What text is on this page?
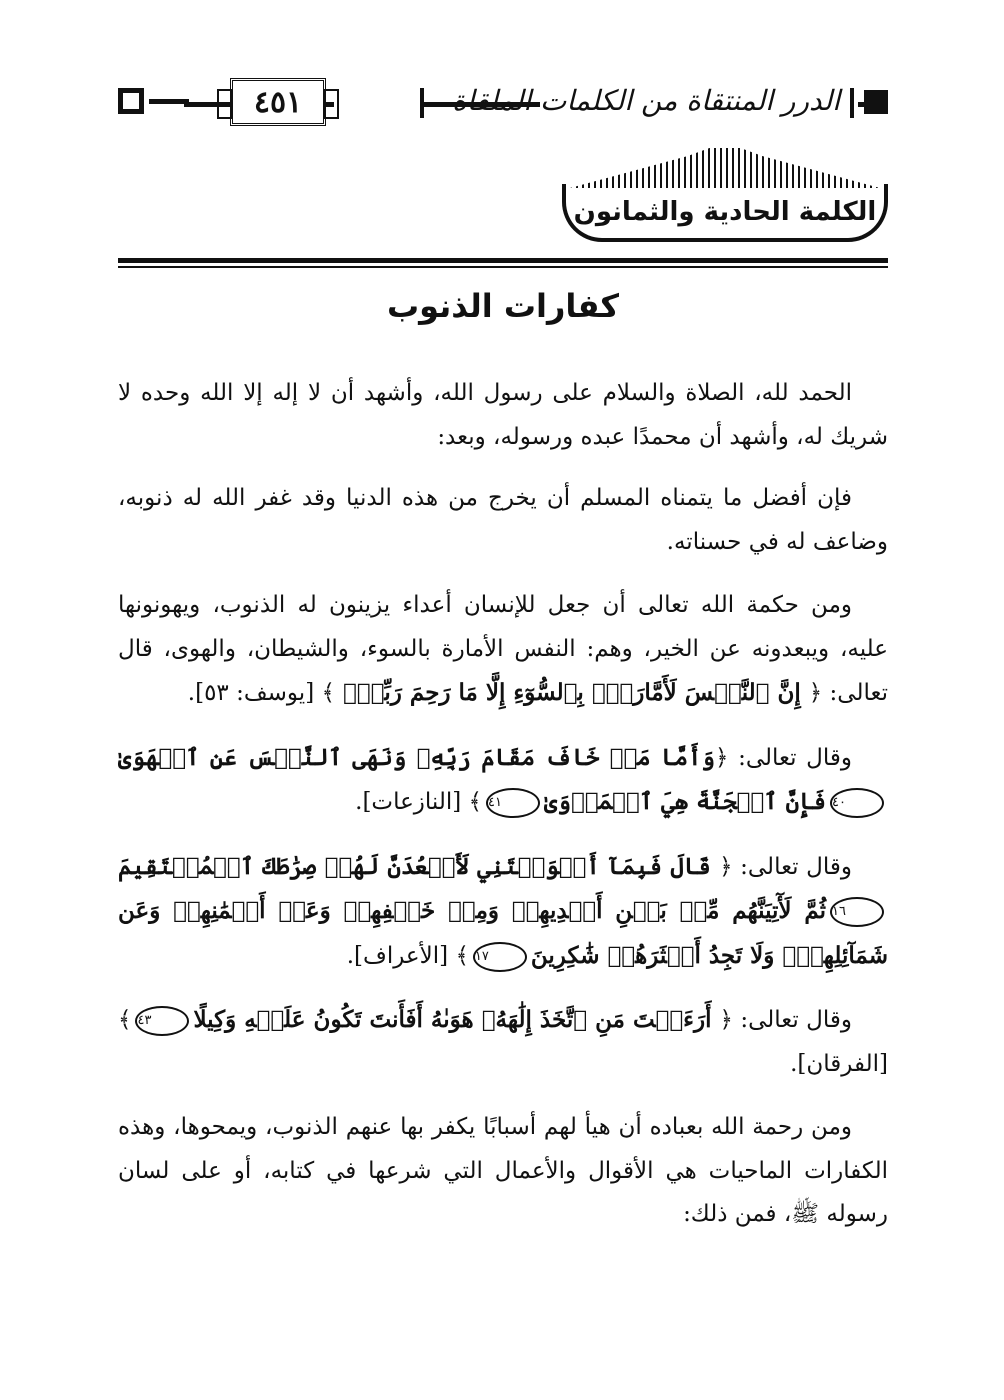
٤٥١	الدرر المنتقاة من الكلمات الملقاة
الكلمة الحادية والثمانون
كفارات الذنوب

الحمد لله، الصلاة والسلام على رسول الله، وأشهد أن لا إله إلا الله وحده لا شريك له، وأشهد أن محمدًا عبده ورسوله، وبعد:

فإن أفضل ما يتمناه المسلم أن يخرج من هذه الدنيا وقد غفر الله له ذنوبه، وضاعف له في حسناته.

ومن حكمة الله تعالى أن جعل للإنسان أعداء يزينون له الذنوب، ويهونونها عليه، ويبعدونه عن الخير، وهم: النفس الأمارة بالسوء، والشيطان، والهوى، قال تعالى: ﴿ إِنَّ ٱلنَّفۡسَ لَأَمَّارَةُۢ بِٱلسُّوٓءِ إِلَّا مَا رَحِمَ رَبِّيٓۚ ﴾ [يوسف: ٥٣].

وقال تعالى: ﴿وَأَمَّا مَنۡ خَافَ مَقَامَ رَبِّهِۦ وَنَهَى ٱلنَّفۡسَ عَنِ ٱلۡهَوَىٰ٤٠فَإِنَّ ٱلۡجَنَّةَ هِيَ ٱلۡمَأۡوَىٰ٤١﴾ [النازعات].

وقال تعالى: ﴿ قَالَ فَبِمَآ أَغۡوَيۡتَنِي لَأَقۡعُدَنَّ لَهُمۡ صِرَٰطَكَ ٱلۡمُسۡتَقِيمَ١٦ثُمَّ لَأٓتِيَنَّهُم مِّنۢ بَيۡنِ أَيۡدِيهِمۡ وَمِنۡ خَلۡفِهِمۡ وَعَنۡ أَيۡمَٰنِهِمۡ وَعَن شَمَآئِلِهِمۡۖ وَلَا تَجِدُ أَكۡثَرَهُمۡ شَٰكِرِينَ١٧﴾ [الأعراف].

وقال تعالى: ﴿ أَرَءَيۡتَ مَنِ ٱتَّخَذَ إِلَٰهَهُۥ هَوَىٰهُ أَفَأَنتَ تَكُونُ عَلَيۡهِ وَكِيلًا٤٣﴾ [الفرقان].

ومن رحمة الله بعباده أن هيأ لهم أسبابًا يكفر بها عنهم الذنوب، ويمحوها، وهذه الكفارات الماحيات هي الأقوال والأعمال التي شرعها في كتابه، أو على لسان رسوله ﷺ، فمن ذلك:
